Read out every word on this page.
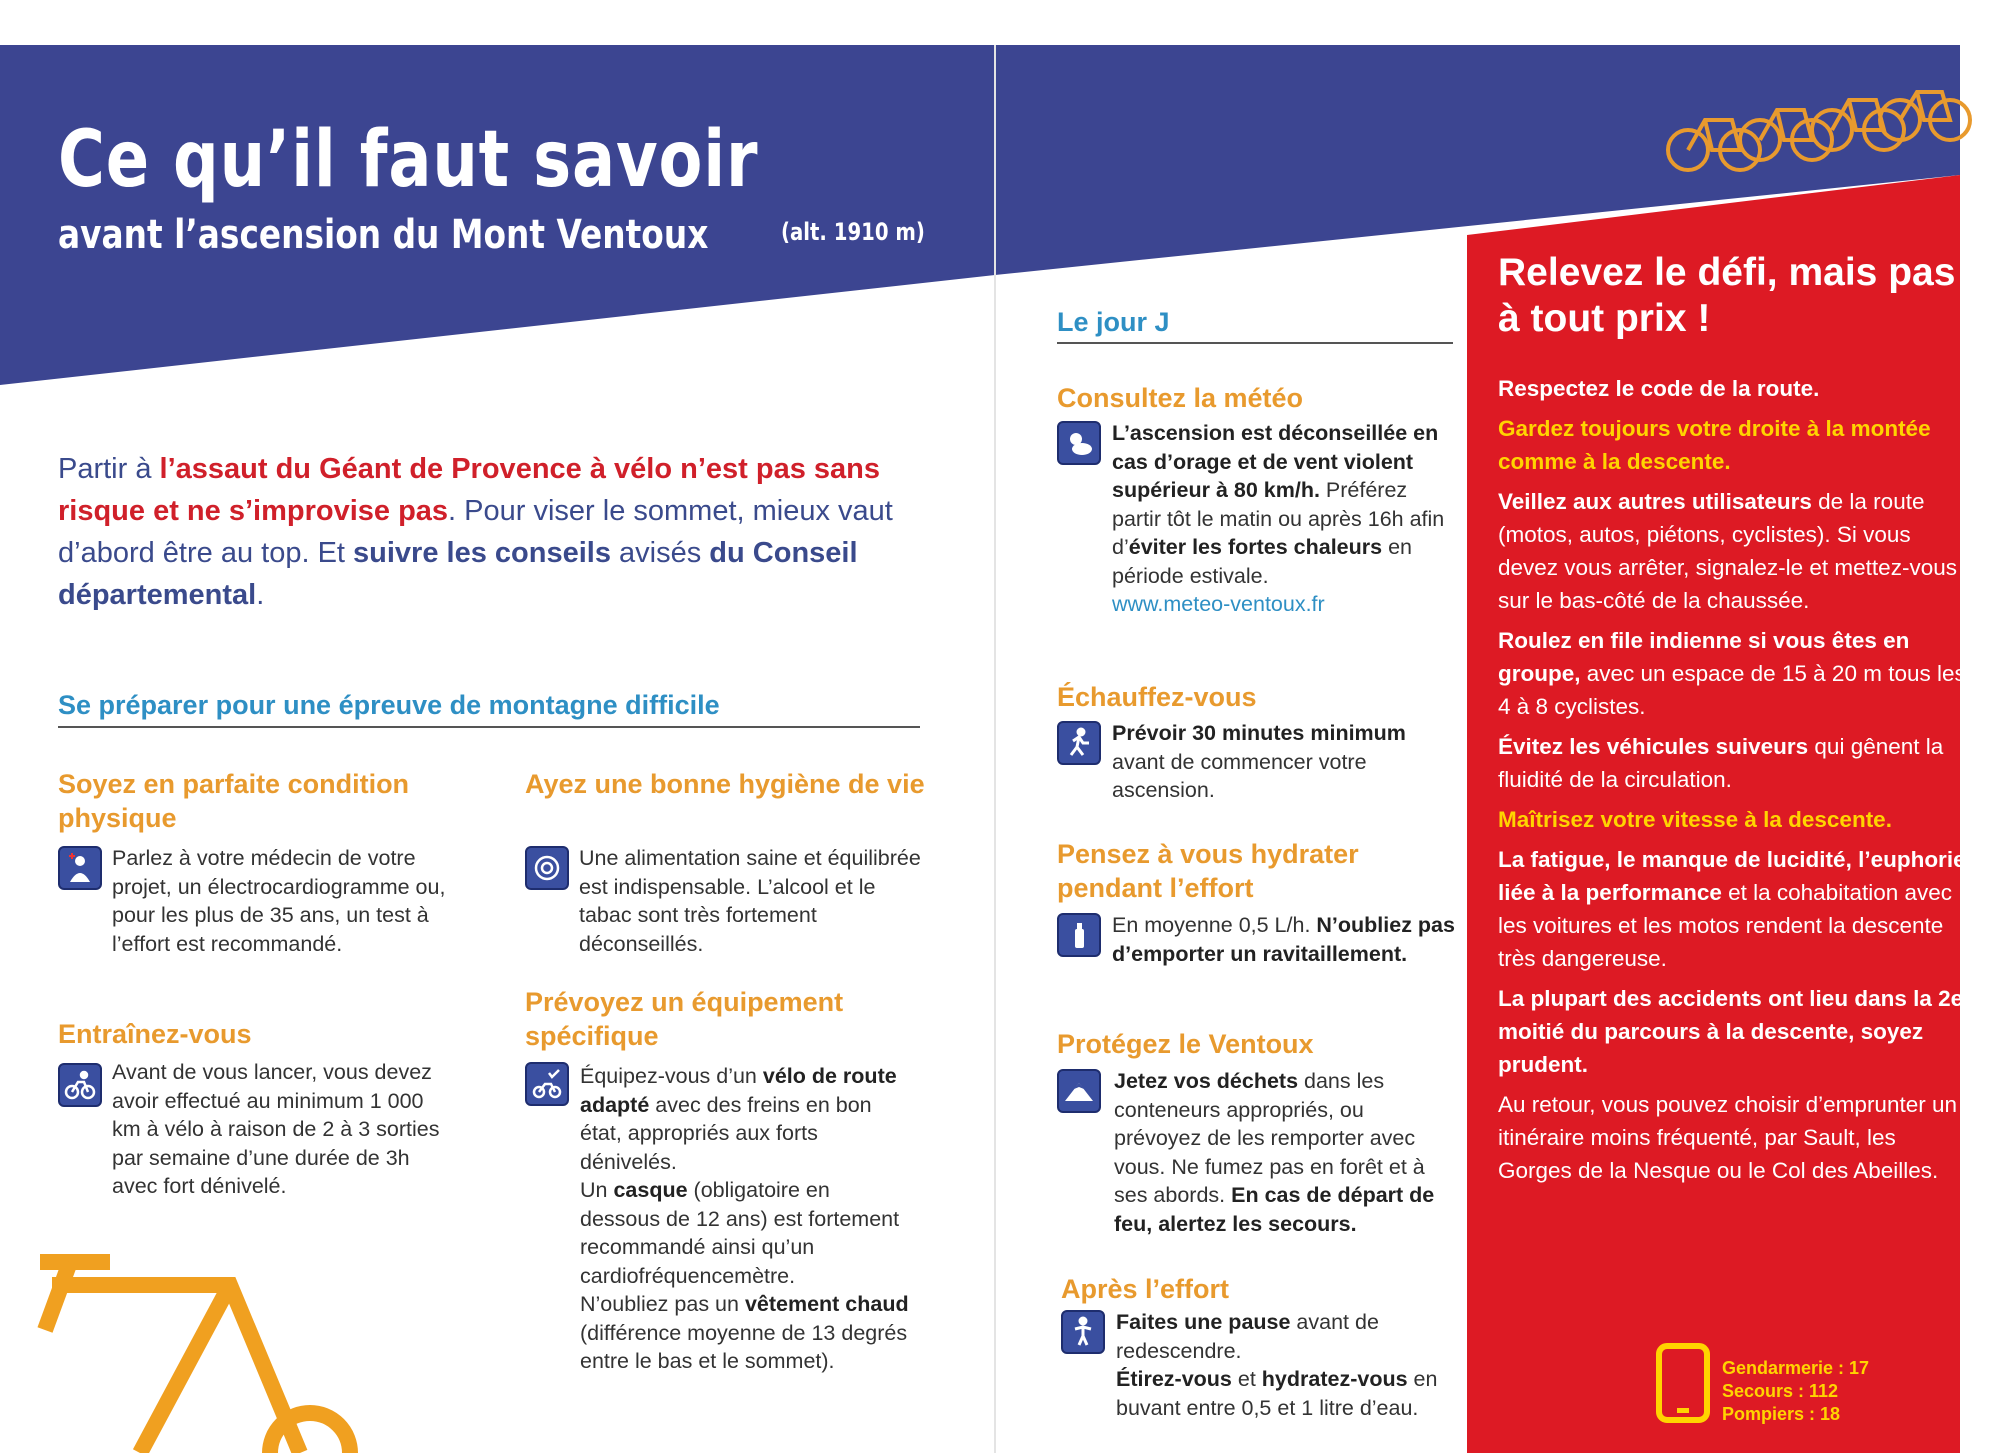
Ce qu’il faut savoir
avant l’ascension du Mont Ventoux	(alt. 1910 m)
Partir à l’assaut du Géant de Provence à vélo n’est pas sans risque et ne s’improvise pas. Pour viser le sommet, mieux vaut d’abord être au top. Et suivre les conseils avisés du Conseil départemental.
Se préparer pour une épreuve de montagne difficile
Soyez en parfaite condition physique
Parlez à votre médecin de votre projet, un électrocardiogramme ou, pour les plus de 35 ans, un test à l’effort est recommandé.
Entraînez-vous
Avant de vous lancer, vous devez avoir effectué au minimum 1 000 km à vélo à raison de 2 à 3 sorties par semaine d’une durée de 3h avec fort dénivelé.
Ayez une bonne hygiène de vie
Une alimentation saine et équilibrée est indispensable. L’alcool et le tabac sont très fortement déconseillés.
Prévoyez un équipement spécifique
Équipez-vous d’un vélo de route adapté avec des freins en bon état, appropriés aux forts dénivelés.
Un casque (obligatoire en dessous de 12 ans) est fortement recommandé ainsi qu’un cardiofréquencemètre.
N’oubliez pas un vêtement chaud (différence moyenne de 13 degrés entre le bas et le sommet).
Le jour J
Consultez la météo
L’ascension est déconseillée en cas d’orage et de vent violent supérieur à 80 km/h. Préférez partir tôt le matin ou après 16h afin d’éviter les fortes chaleurs en période estivale.
www.meteo-ventoux.fr
Échauffez-vous
Prévoir 30 minutes minimum avant de commencer votre ascension.
Pensez à vous hydrater pendant l’effort
En moyenne 0,5 L/h. N’oubliez pas d’emporter un ravitaillement.
Protégez le Ventoux
Jetez vos déchets dans les conteneurs appropriés, ou prévoyez de les remporter avec vous. Ne fumez pas en forêt et à ses abords. En cas de départ de feu, alertez les secours.
Après l’effort
Faites une pause avant de redescendre.
Étirez-vous et hydratez-vous en buvant entre 0,5 et 1 litre d’eau.
Relevez le défi, mais pas à tout prix !
Respectez le code de la route.
Gardez toujours votre droite à la montée comme à la descente.
Veillez aux autres utilisateurs de la route (motos, autos, piétons, cyclistes). Si vous devez vous arrêter, signalez-le et mettez-vous sur le bas-côté de la chaussée.
Roulez en file indienne si vous êtes en groupe, avec un espace de 15 à 20 m tous les 4 à 8 cyclistes.
Évitez les véhicules suiveurs qui gênent la fluidité de la circulation.
Maîtrisez votre vitesse à la descente.
La fatigue, le manque de lucidité, l’euphorie liée à la performance et la cohabitation avec les voitures et les motos rendent la descente très dangereuse.
La plupart des accidents ont lieu dans la 2e moitié du parcours à la descente, soyez prudent.
Au retour, vous pouvez choisir d’emprunter un itinéraire moins fréquenté, par Sault, les Gorges de la Nesque ou le Col des Abeilles.
Gendarmerie : 17
Secours : 112
Pompiers : 18
